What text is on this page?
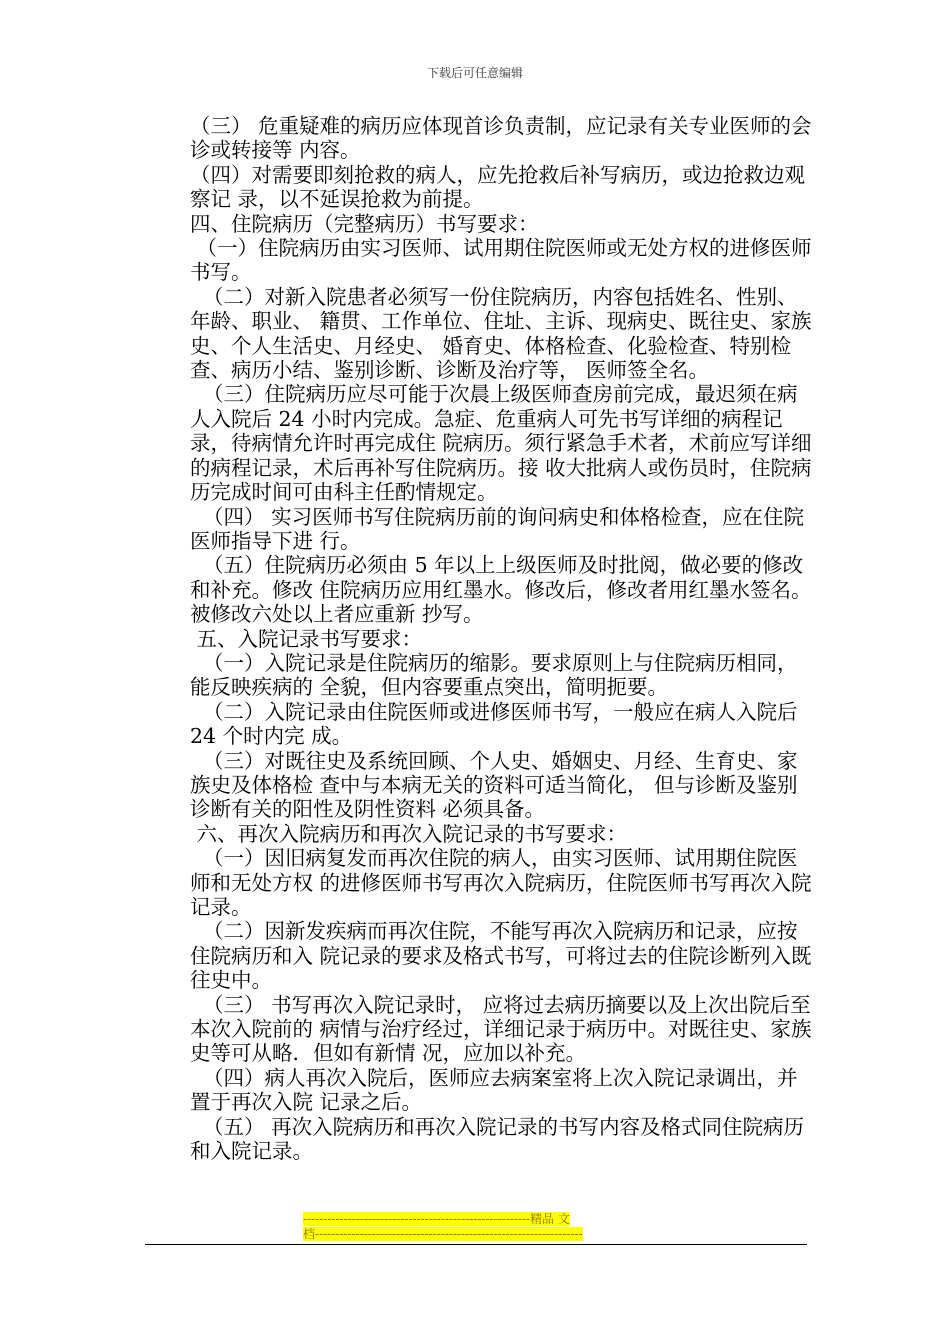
下载后可任意编辑

（三） 危重疑难的病历应体现首诊负责制，应记录有关专业医师的会诊或转接等 内容。

（四）对需要即刻抢救的病人，应先抢救后补写病历，或边抢救边观察记 录，以不延误抢救为前提。

四、住院病历（完整病历）书写要求：

（一）住院病历由实习医师、试用期住院医师或无处方权的进修医师书写。

（二）对新入院患者必须写一份住院病历，内容包括姓名、性别、年龄、职业、 籍贯、工作单位、住址、主诉、现病史、既往史、家族史、个人生活史、月经史、 婚育史、体格检查、化验检查、特别检查、病历小结、鉴别诊断、诊断及治疗等， 医师签全名。

（三）住院病历应尽可能于次晨上级医师查房前完成，最迟须在病人入院后 24 小时内完成。急症、危重病人可先书写详细的病程记录，待病情允许时再完成住 院病历。须行紧急手术者，术前应写详细的病程记录，术后再补写住院病历。接 收大批病人或伤员时，住院病历完成时间可由科主任酌情规定。

（四） 实习医师书写住院病历前的询问病史和体格检查，应在住院医师指导下进 行。

（五）住院病历必须由 5 年以上上级医师及时批阅，做必要的修改和补充。修改 住院病历应用红墨水。修改后，修改者用红墨水签名。被修改六处以上者应重新 抄写。

五、入院记录书写要求：

（一）入院记录是住院病历的缩影。要求原则上与住院病历相同，能反映疾病的 全貌，但内容要重点突出，简明扼要。

（二）入院记录由住院医师或进修医师书写，一般应在病人入院后 24 个时内完 成。

（三）对既往史及系统回顾、个人史、婚姻史、月经、生育史、家族史及体格检 查中与本病无关的资料可适当简化， 但与诊断及鉴别诊断有关的阳性及阴性资料 必须具备。

六、再次入院病历和再次入院记录的书写要求：

（一）因旧病复发而再次住院的病人，由实习医师、试用期住院医师和无处方权 的进修医师书写再次入院病历，住院医师书写再次入院记录。

（二）因新发疾病而再次住院，不能写再次入院病历和记录，应按住院病历和入 院记录的要求及格式书写，可将过去的住院诊断列入既往史中。

（三） 书写再次入院记录时， 应将过去病历摘要以及上次出院后至本次入院前的 病情与治疗经过，详细记录于病历中。对既往史、家族史等可从略．但如有新情 况，应加以补充。

（四）病人再次入院后，医师应去病案室将上次入院记录调出，并置于再次入院 记录之后。

（五） 再次入院病历和再次入院记录的书写内容及格式同住院病历和入院记录。

--------------------------------------------------------精品 文
档------------------------------------------------------------------
